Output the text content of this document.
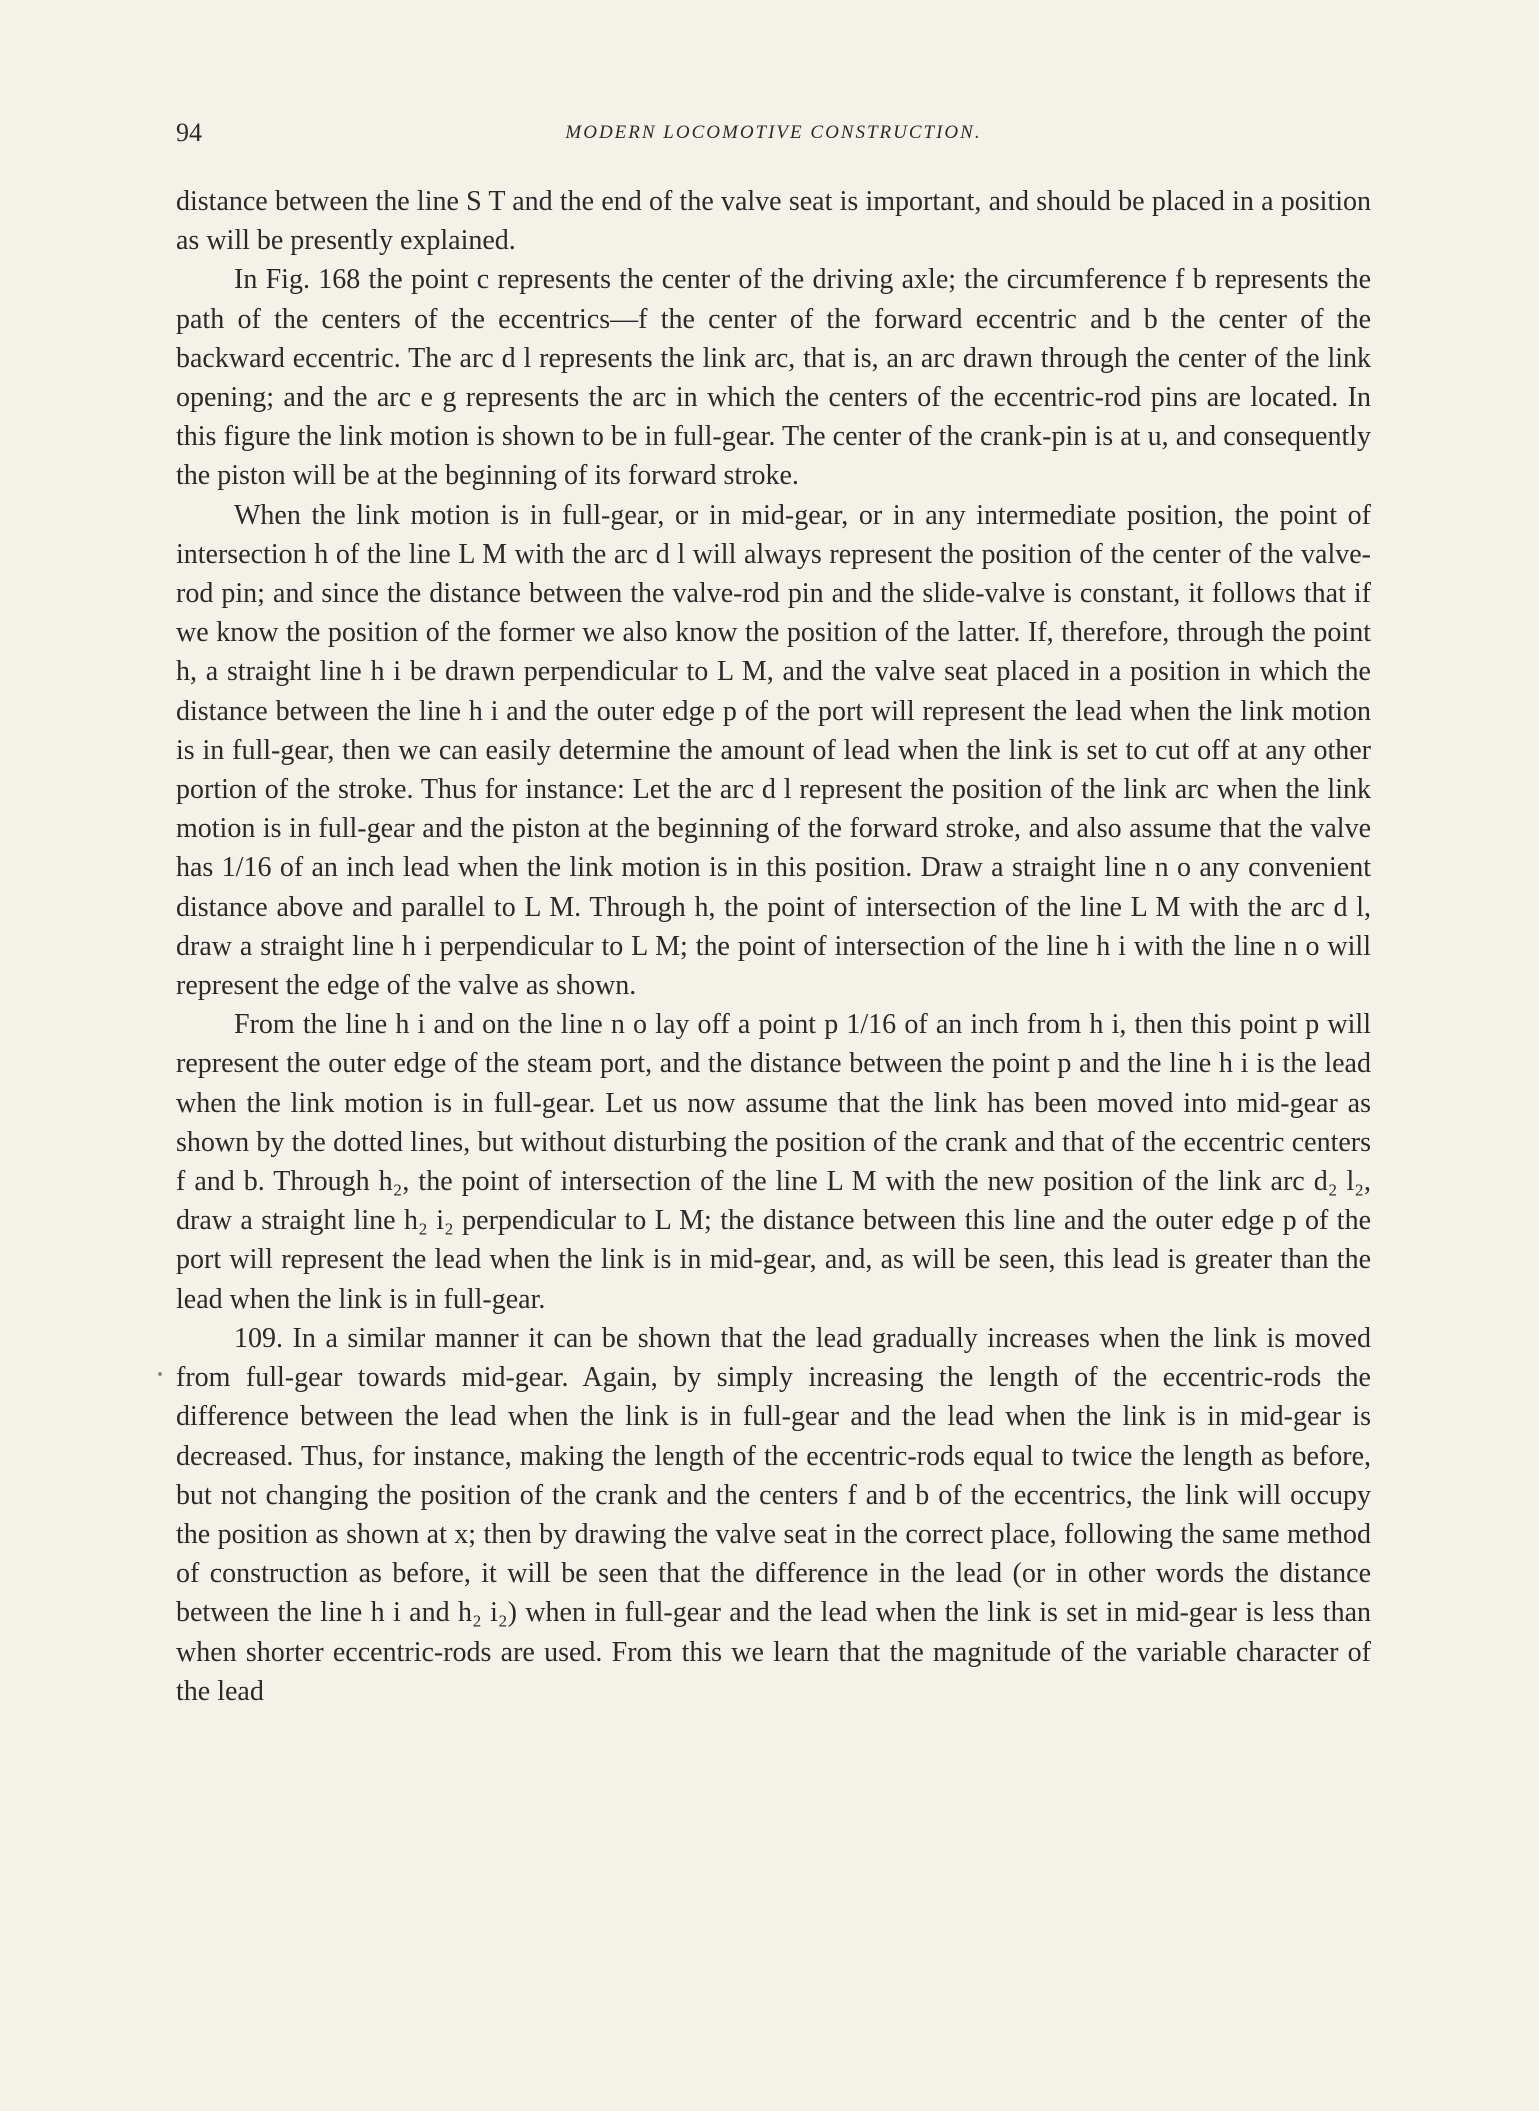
94	MODERN LOCOMOTIVE CONSTRUCTION.

distance between the line S T and the end of the valve seat is important, and should be placed in a position as will be presently explained.

In Fig. 168 the point c represents the center of the driving axle; the circumference f b represents the path of the centers of the eccentrics—f the center of the forward eccentric and b the center of the backward eccentric. The arc d l represents the link arc, that is, an arc drawn through the center of the link opening; and the arc e g represents the arc in which the centers of the eccentric-rod pins are located. In this figure the link motion is shown to be in full-gear. The center of the crank-pin is at u, and consequently the piston will be at the beginning of its forward stroke.

When the link motion is in full-gear, or in mid-gear, or in any intermediate position, the point of intersection h of the line L M with the arc d l will always represent the position of the center of the valve-rod pin; and since the distance between the valve-rod pin and the slide-valve is constant, it follows that if we know the position of the former we also know the position of the latter. If, therefore, through the point h, a straight line h i be drawn perpendicular to L M, and the valve seat placed in a position in which the distance between the line h i and the outer edge p of the port will represent the lead when the link motion is in full-gear, then we can easily determine the amount of lead when the link is set to cut off at any other portion of the stroke. Thus for instance: Let the arc d l represent the position of the link arc when the link motion is in full-gear and the piston at the beginning of the forward stroke, and also assume that the valve has 1/16 of an inch lead when the link motion is in this position. Draw a straight line n o any convenient distance above and parallel to L M. Through h, the point of intersection of the line L M with the arc d l, draw a straight line h i perpendicular to L M; the point of intersection of the line h i with the line n o will represent the edge of the valve as shown.

From the line h i and on the line n o lay off a point p 1/16 of an inch from h i, then this point p will represent the outer edge of the steam port, and the distance between the point p and the line h i is the lead when the link motion is in full-gear. Let us now assume that the link has been moved into mid-gear as shown by the dotted lines, but without disturbing the position of the crank and that of the eccentric centers f and b. Through h₂, the point of intersection of the line L M with the new position of the link arc d₂ l₂, draw a straight line h₂ i₂ perpendicular to L M; the distance between this line and the outer edge p of the port will represent the lead when the link is in mid-gear, and, as will be seen, this lead is greater than the lead when the link is in full-gear.

109. In a similar manner it can be shown that the lead gradually increases when the link is moved from full-gear towards mid-gear. Again, by simply increasing the length of the eccentric-rods the difference between the lead when the link is in full-gear and the lead when the link is in mid-gear is decreased. Thus, for instance, making the length of the eccentric-rods equal to twice the length as before, but not changing the position of the crank and the centers f and b of the eccentrics, the link will occupy the position as shown at x; then by drawing the valve seat in the correct place, following the same method of construction as before, it will be seen that the difference in the lead (or in other words the distance between the line h i and h₂ i₂) when in full-gear and the lead when the link is set in mid-gear is less than when shorter eccentric-rods are used. From this we learn that the magnitude of the variable character of the lead
